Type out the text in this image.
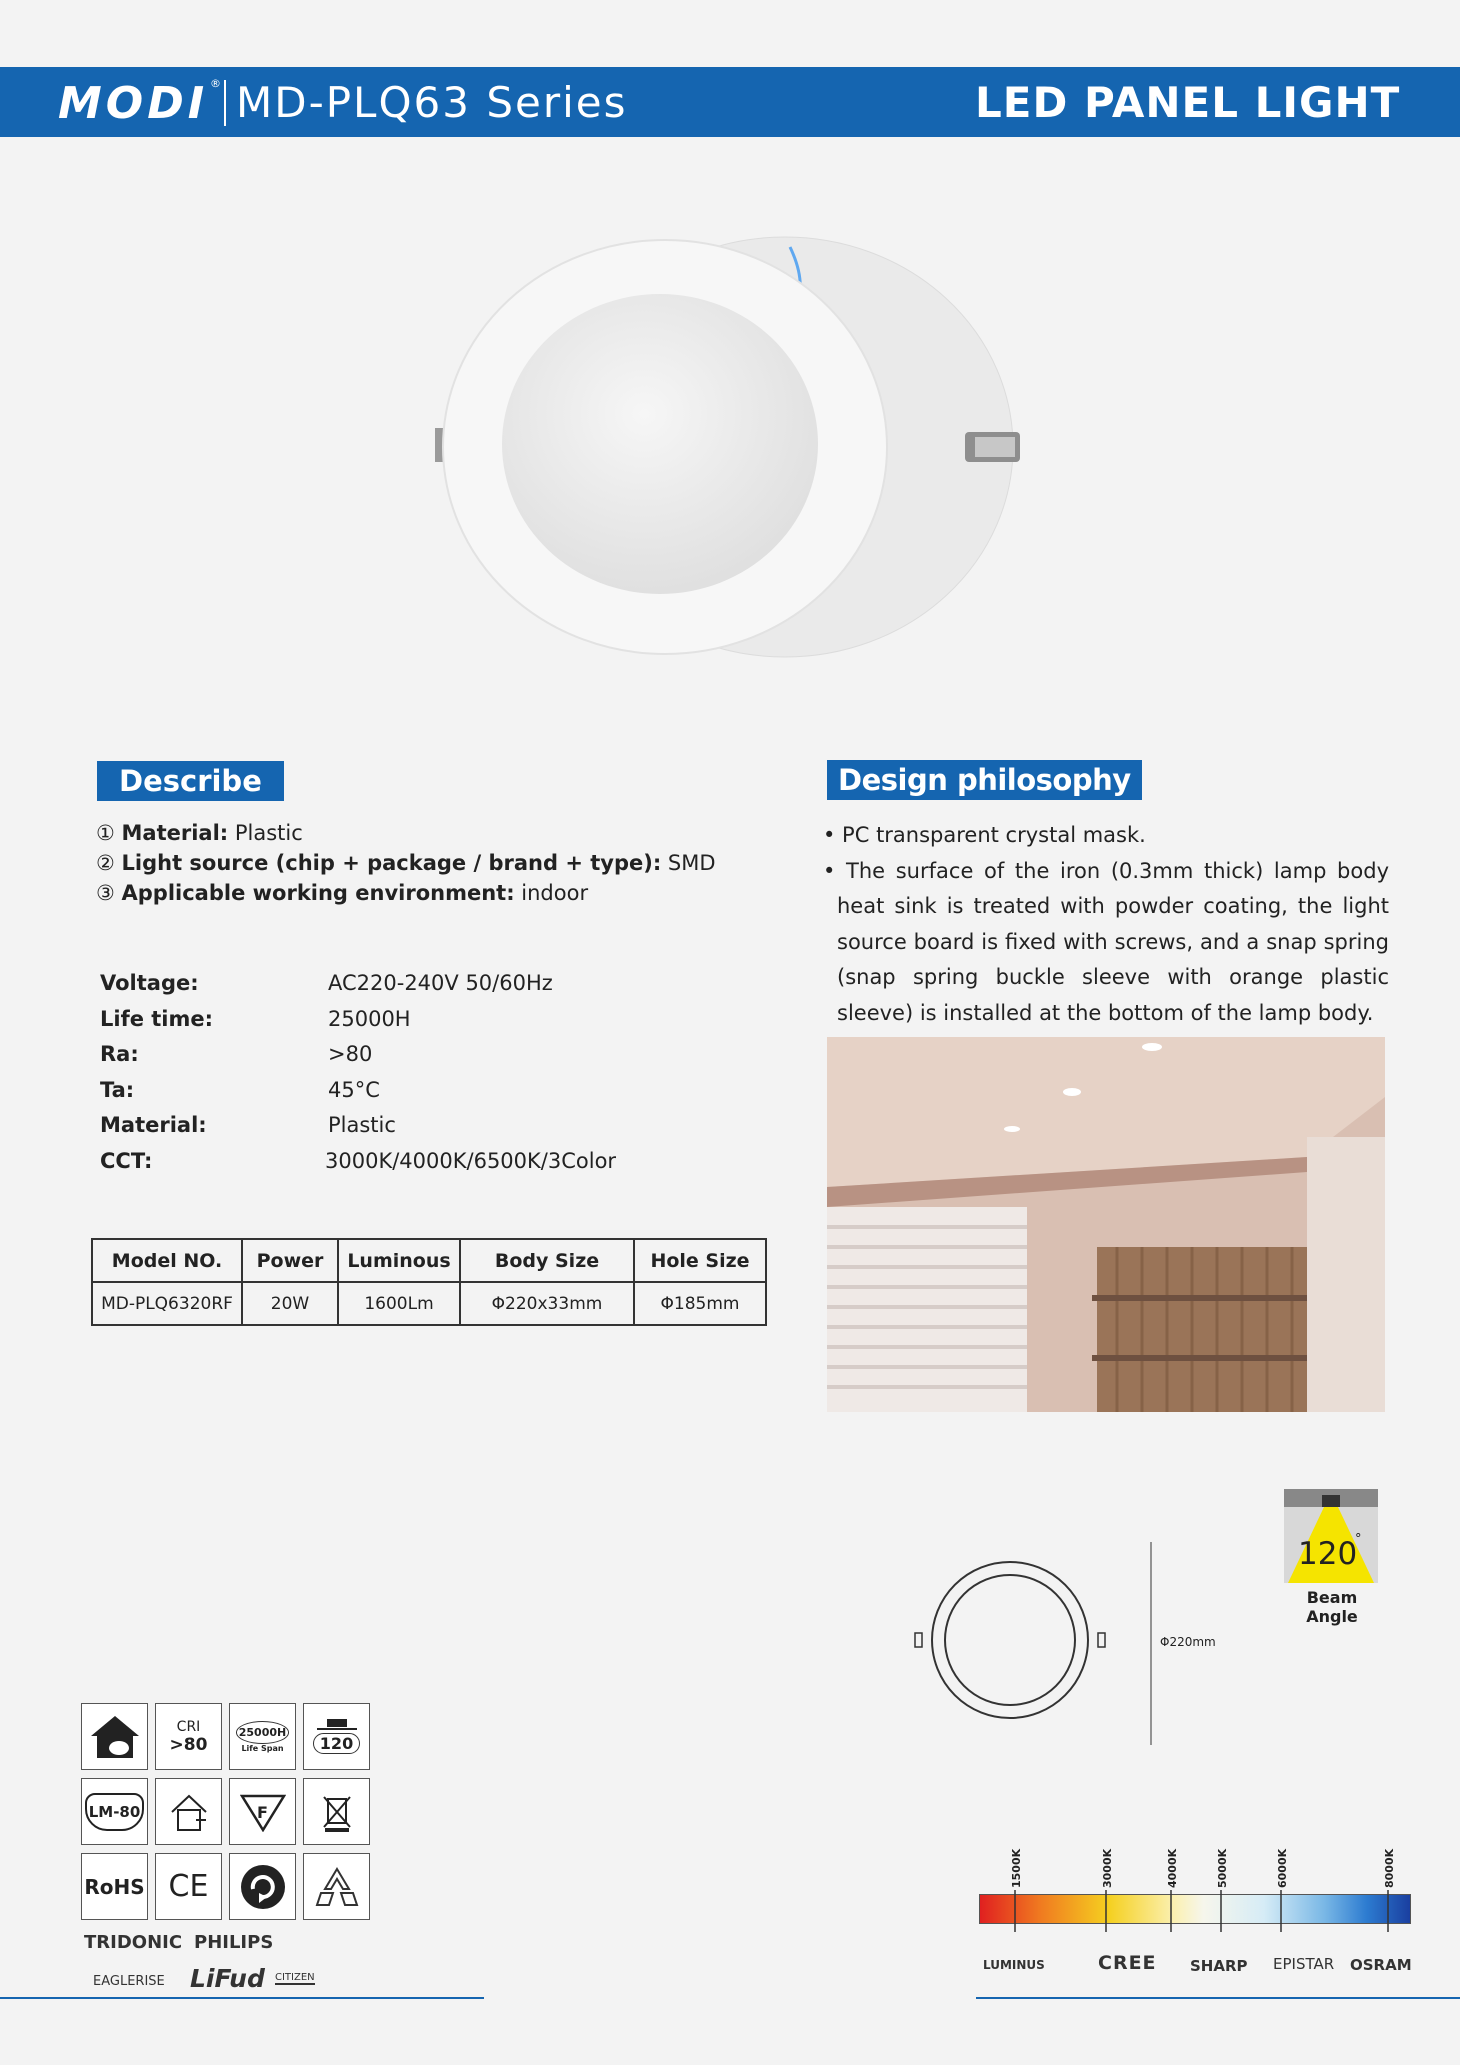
MODI ® MD-PLQ63 Series	LED PANEL LIGHT
Describe
① Material: Plastic
② Light source (chip + package / brand + type): SMD
③ Applicable working environment: indoor
Voltage:	AC220-240V 50/60Hz
Life time:	25000H
Ra:	>80
Ta:	45°C
Material:	Plastic
CCT:	3000K/4000K/6500K/3Color
Model NO.	Power	Luminous	Body Size	Hole Size
MD-PLQ6320RF	20W	1600Lm	Φ220x33mm	Φ185mm
Design philosophy
• PC transparent crystal mask.
• The surface of the iron (0.3mm thick) lamp body heat sink is treated with powder coating, the light source board is fixed with screws, and a snap spring (snap spring buckle sleeve with orange plastic sleeve) is installed at the bottom of the lamp body.
120
°
Beam Angle
Φ220mm
CRI
>80
25000H
Life Span	120
LM-80	F
RoHS CE
TRIDONIC PHILIPS
EAGLERISE LiFud CITIZEN
1500K	3000K	4000K	5000K	6000K	8000K
LUMINUS	CREE SHARP EPISTAR OSRAM
